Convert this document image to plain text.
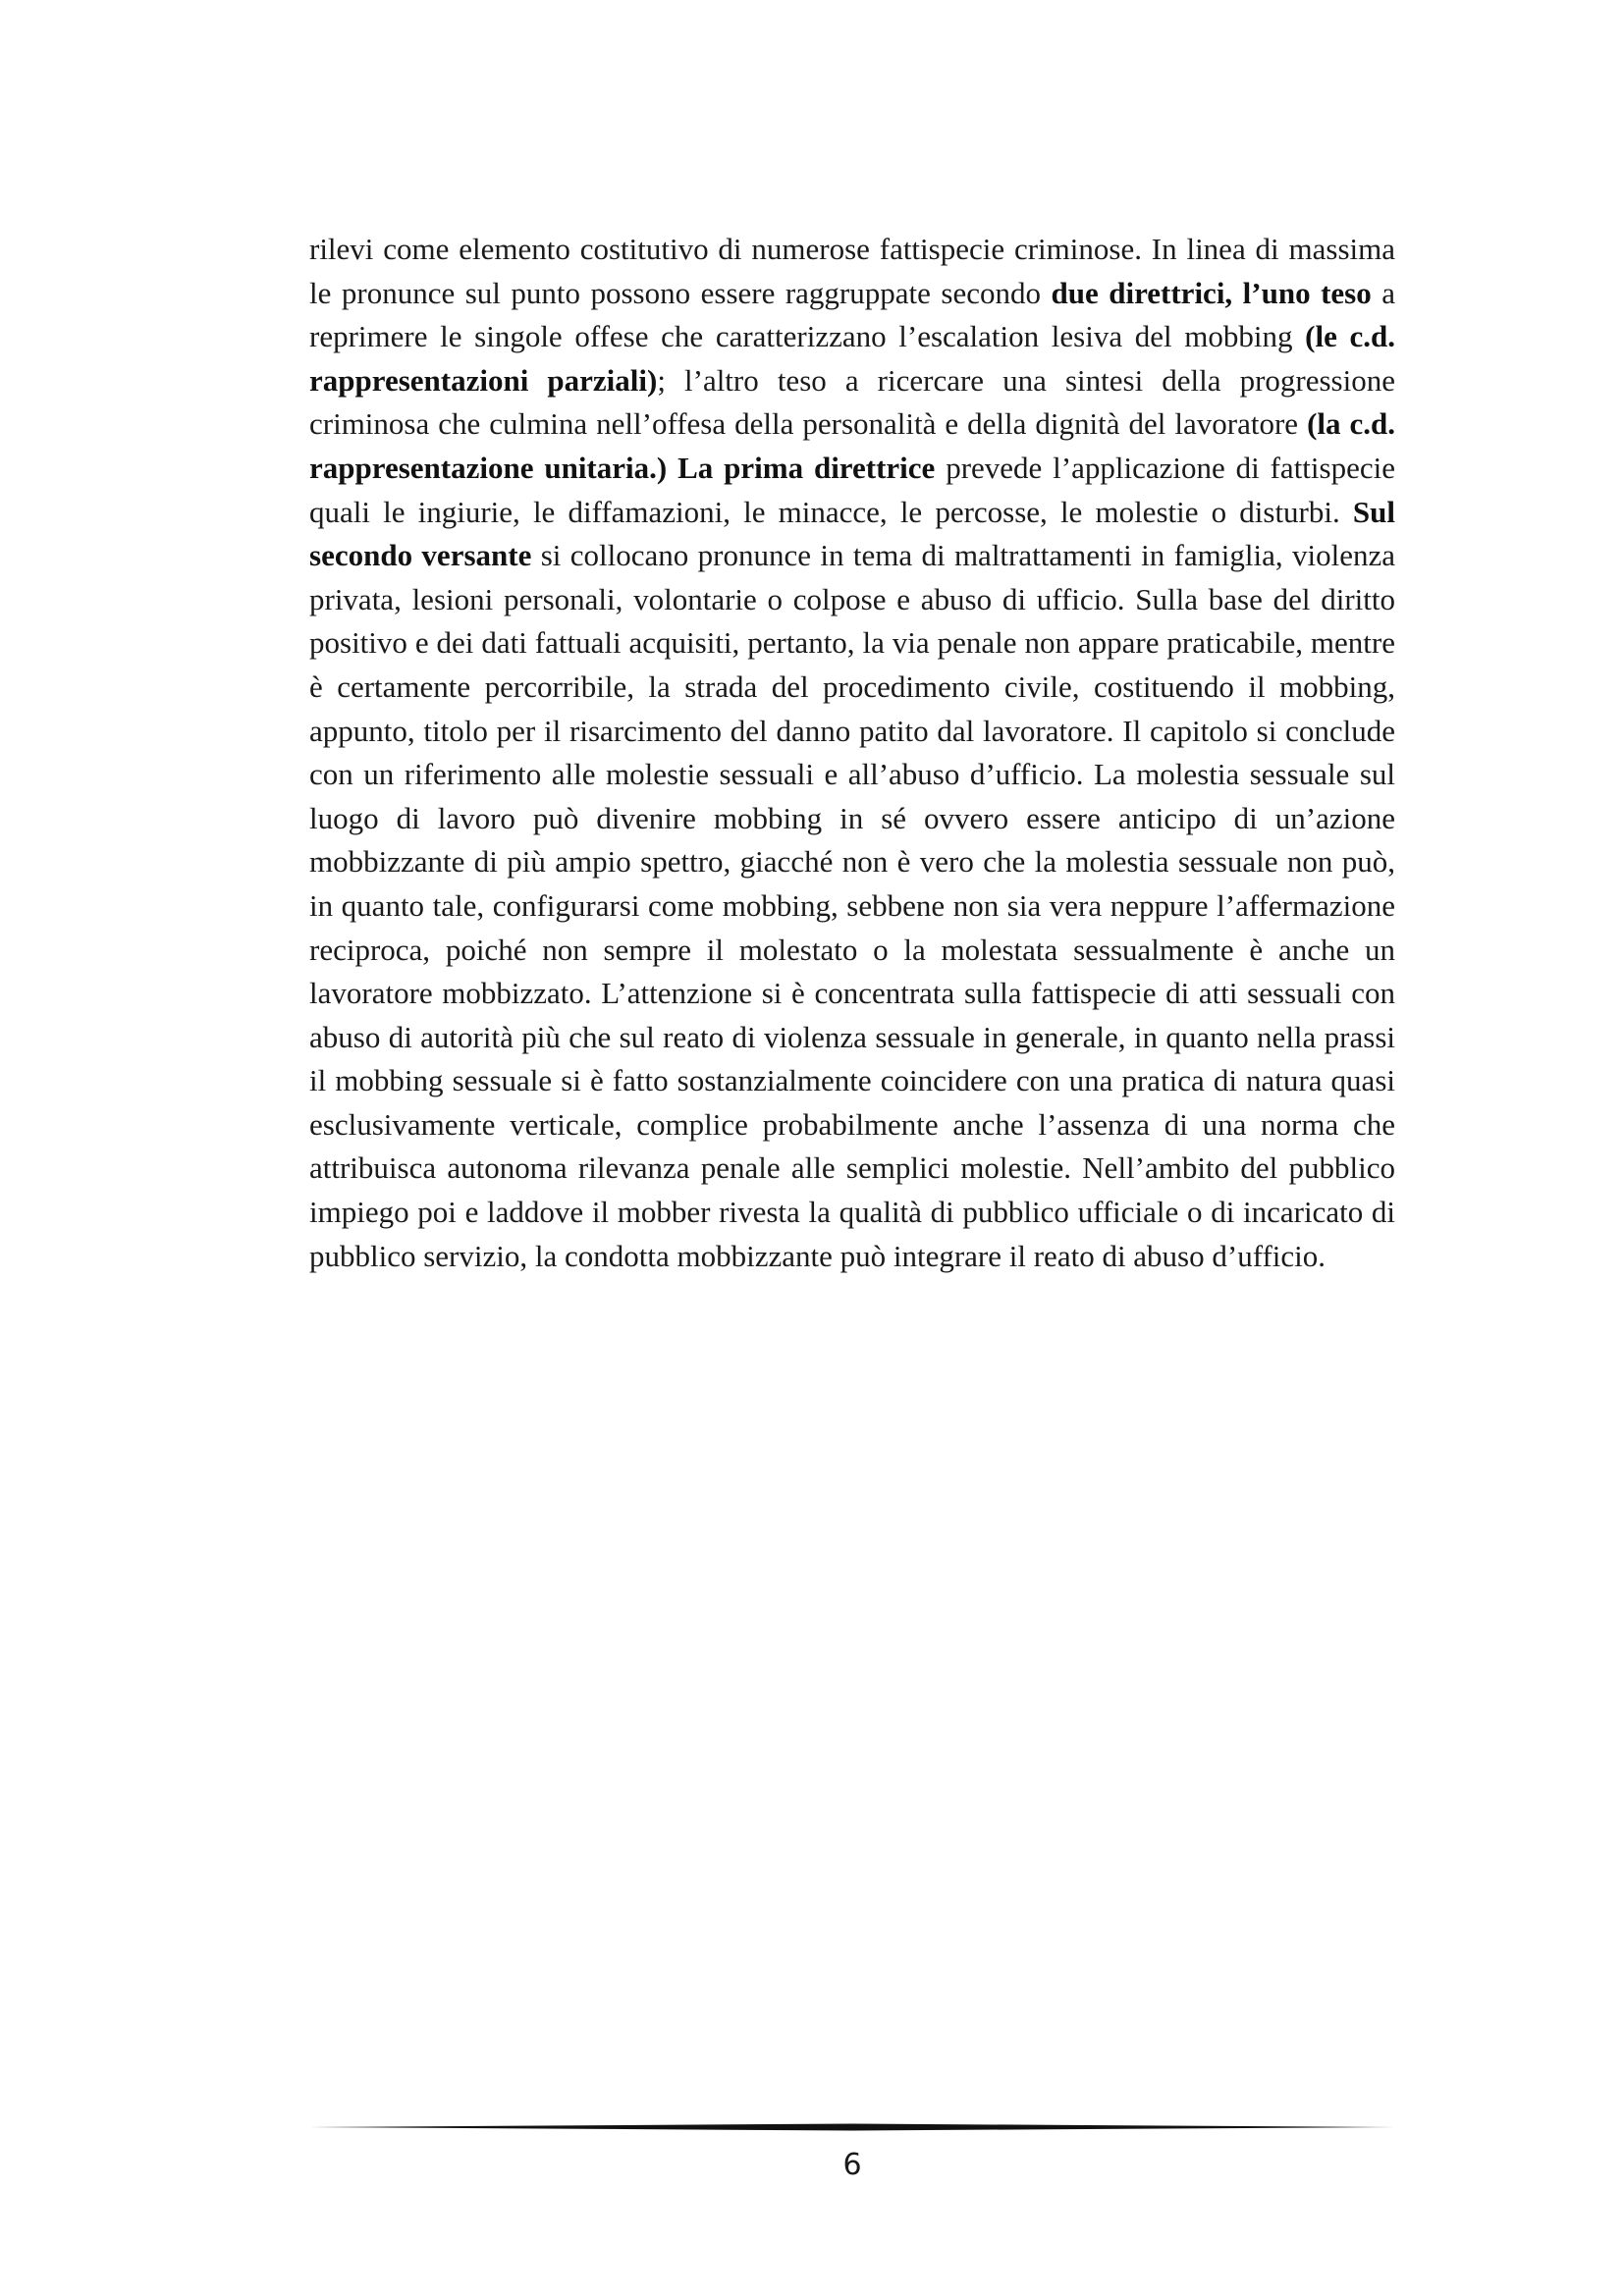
rilevi come elemento costitutivo di numerose fattispecie criminose. In linea di massima le pronunce sul punto possono essere raggruppate secondo due direttrici, l’uno teso a reprimere le singole offese che caratterizzano l’escalation lesiva del mobbing (le c.d. rappresentazioni parziali); l’altro teso a ricercare una sintesi della progressione criminosa che culmina nell’offesa della personalità e della dignità del lavoratore (la c.d. rappresentazione unitaria.) La prima direttrice prevede l’applicazione di fattispecie quali le ingiurie, le diffamazioni, le minacce, le percosse, le molestie o disturbi. Sul secondo versante si collocano pronunce in tema di maltrattamenti in famiglia, violenza privata, lesioni personali, volontarie o colpose e abuso di ufficio. Sulla base del diritto positivo e dei dati fattuali acquisiti, pertanto, la via penale non appare praticabile, mentre è certamente percorribile, la strada del procedimento civile, costituendo il mobbing, appunto, titolo per il risarcimento del danno patito dal lavoratore. Il capitolo si conclude con un riferimento alle molestie sessuali e all’abuso d’ufficio. La molestia sessuale sul luogo di lavoro può divenire mobbing in sé ovvero essere anticipo di un’azione mobbizzante di più ampio spettro, giacché non è vero che la molestia sessuale non può, in quanto tale, configurarsi come mobbing, sebbene non sia vera neppure l’affermazione reciproca, poiché non sempre il molestato o la molestata sessualmente è anche un lavoratore mobbizzato. L’attenzione si è concentrata sulla fattispecie di atti sessuali con abuso di autorità più che sul reato di violenza sessuale in generale, in quanto nella prassi il mobbing sessuale si è fatto sostanzialmente coincidere con una pratica di natura quasi esclusivamente verticale, complice probabilmente anche l’assenza di una norma che attribuisca autonoma rilevanza penale alle semplici molestie. Nell’ambito del pubblico impiego poi e laddove il mobber rivesta la qualità di pubblico ufficiale o di incaricato di pubblico servizio, la condotta mobbizzante può integrare il reato di abuso d’ufficio.

6
